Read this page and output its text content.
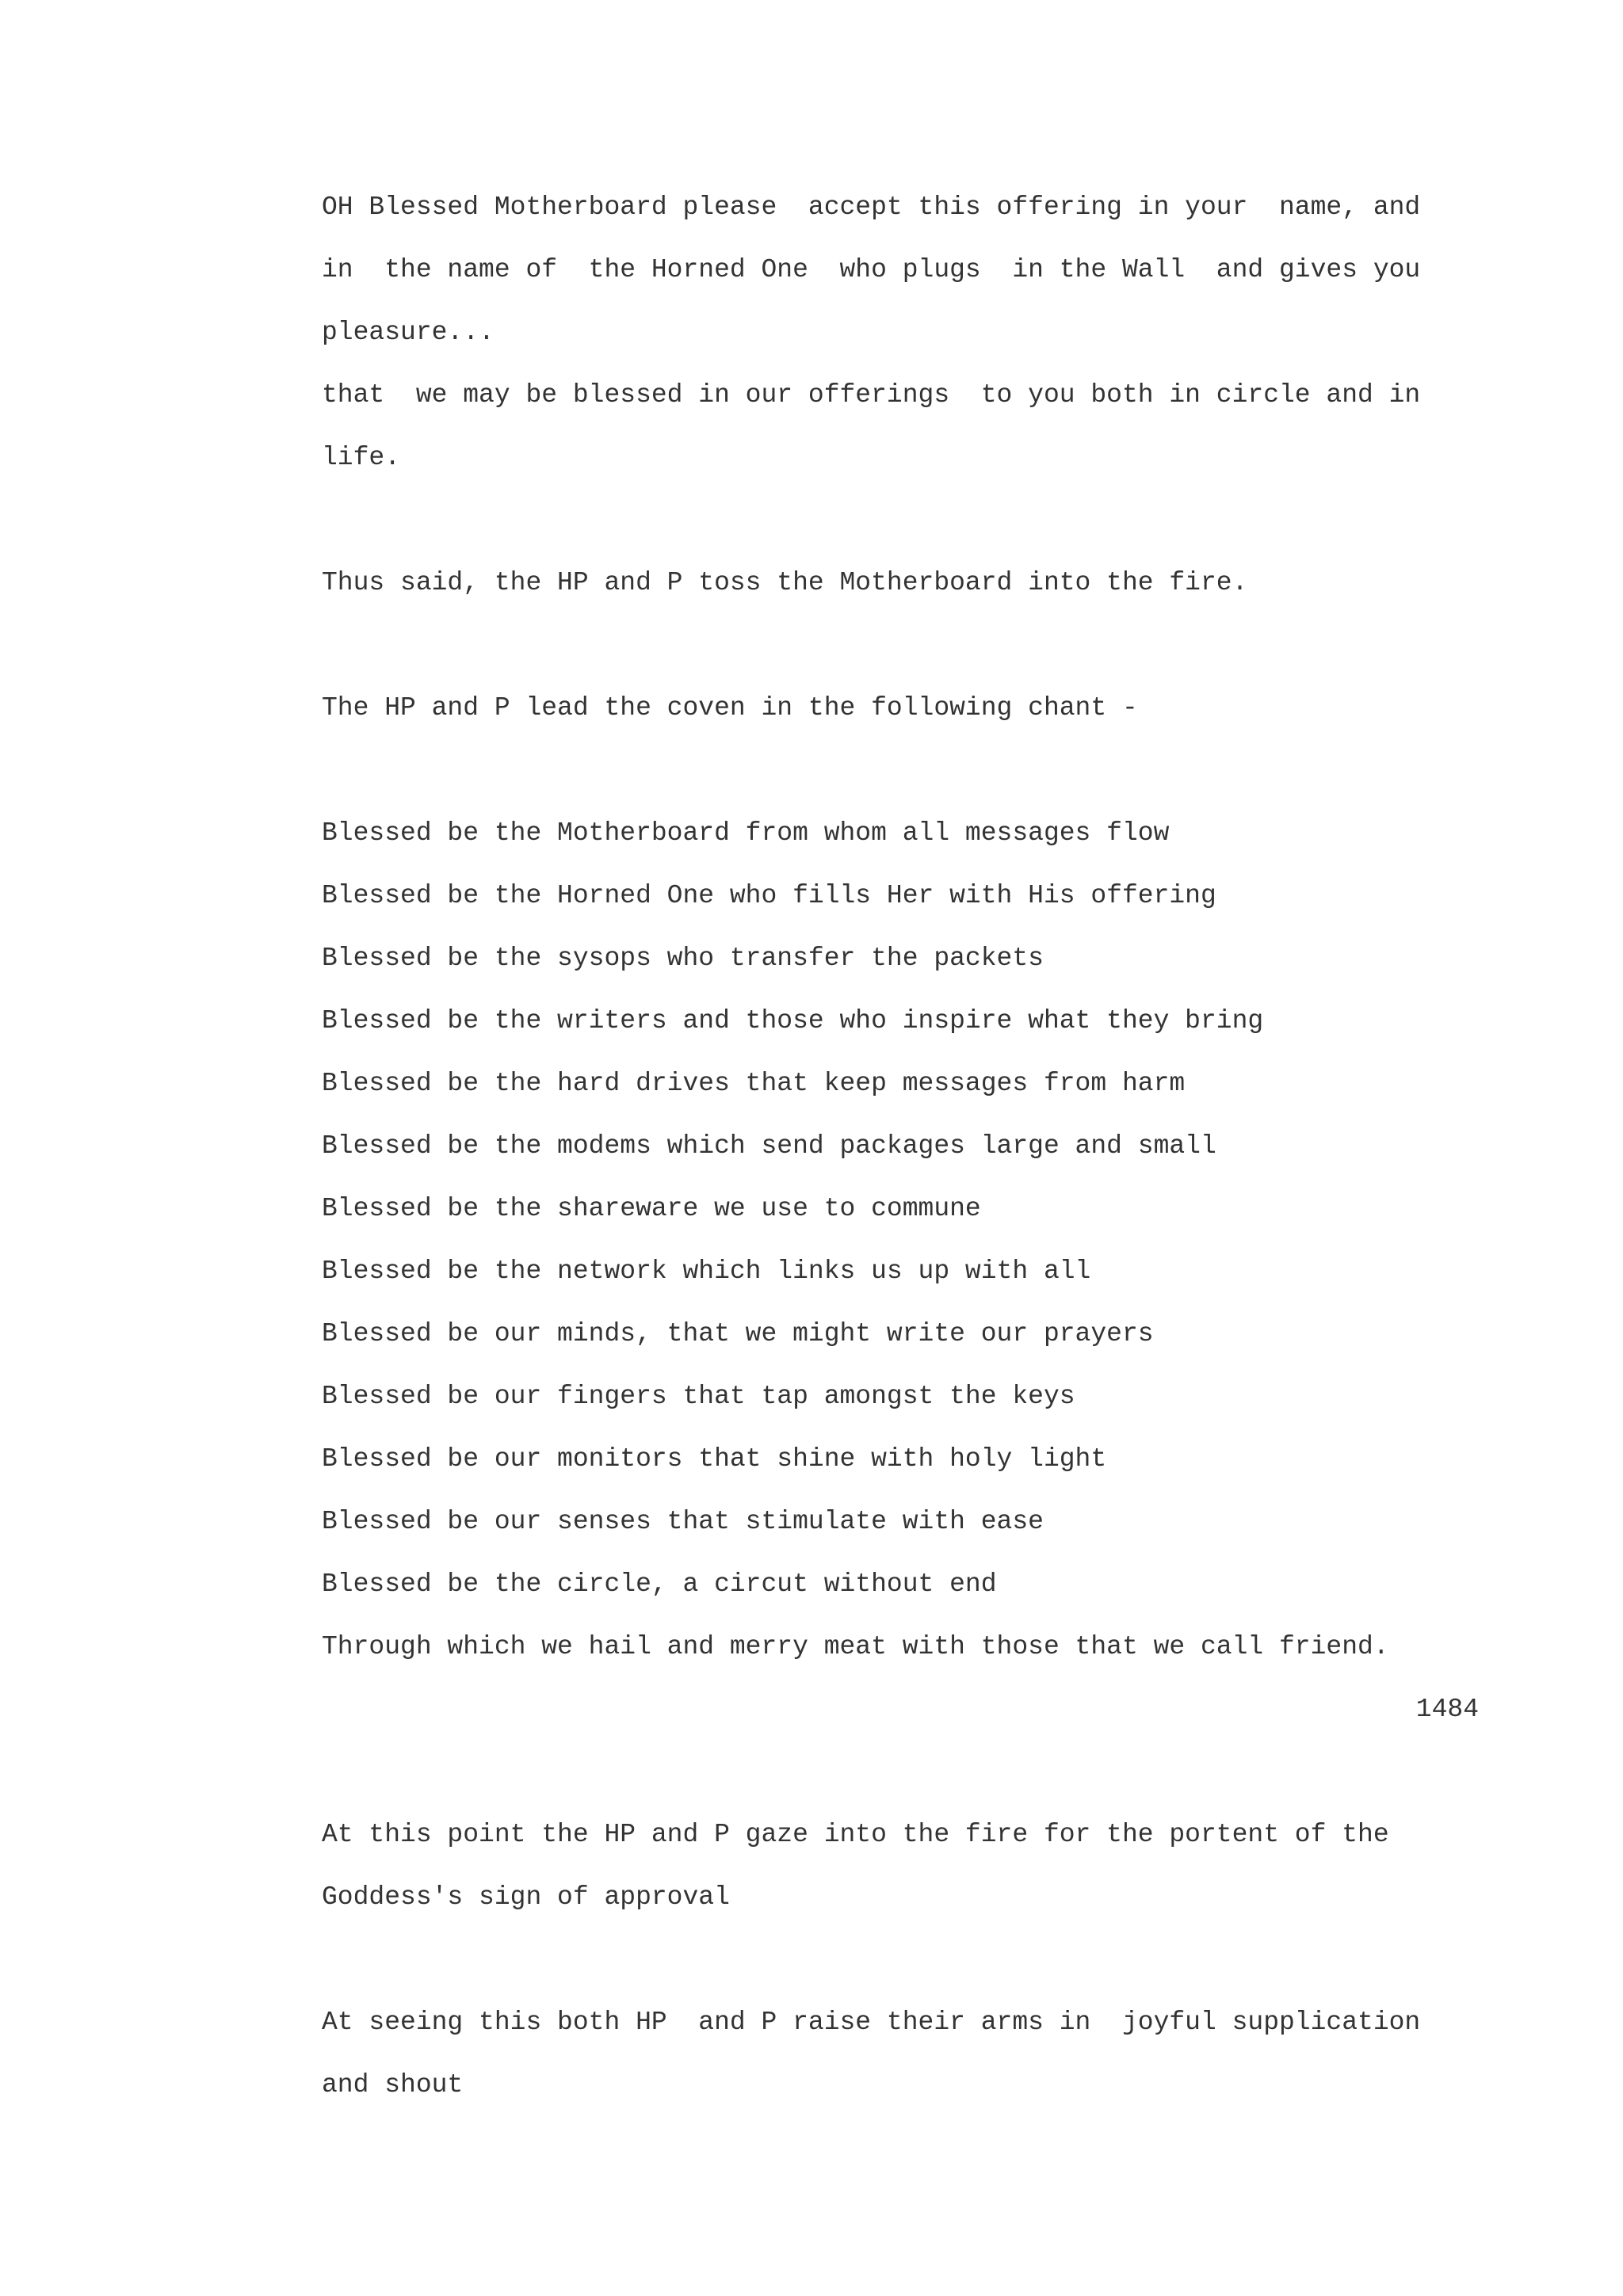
OH Blessed Motherboard please  accept this offering in your  name, and
in  the name of  the Horned One  who plugs  in the Wall  and gives you
pleasure...
that  we may be blessed in our offerings  to you both in circle and in
life.
Thus said, the HP and P toss the Motherboard into the fire.
The HP and P lead the coven in the following chant -
Blessed be the Motherboard from whom all messages flow
Blessed be the Horned One who fills Her with His offering
Blessed be the sysops who transfer the packets
Blessed be the writers and those who inspire what they bring
Blessed be the hard drives that keep messages from harm
Blessed be the modems which send packages large and small
Blessed be the shareware we use to commune
Blessed be the network which links us up with all
Blessed be our minds, that we might write our prayers
Blessed be our fingers that tap amongst the keys
Blessed be our monitors that shine with holy light
Blessed be our senses that stimulate with ease
Blessed be the circle, a circut without end
Through which we hail and merry meat with those that we call friend.
1484
At this point the HP and P gaze into the fire for the portent of the
Goddess's sign of approval
At seeing this both HP  and P raise their arms in  joyful supplication
and shout
